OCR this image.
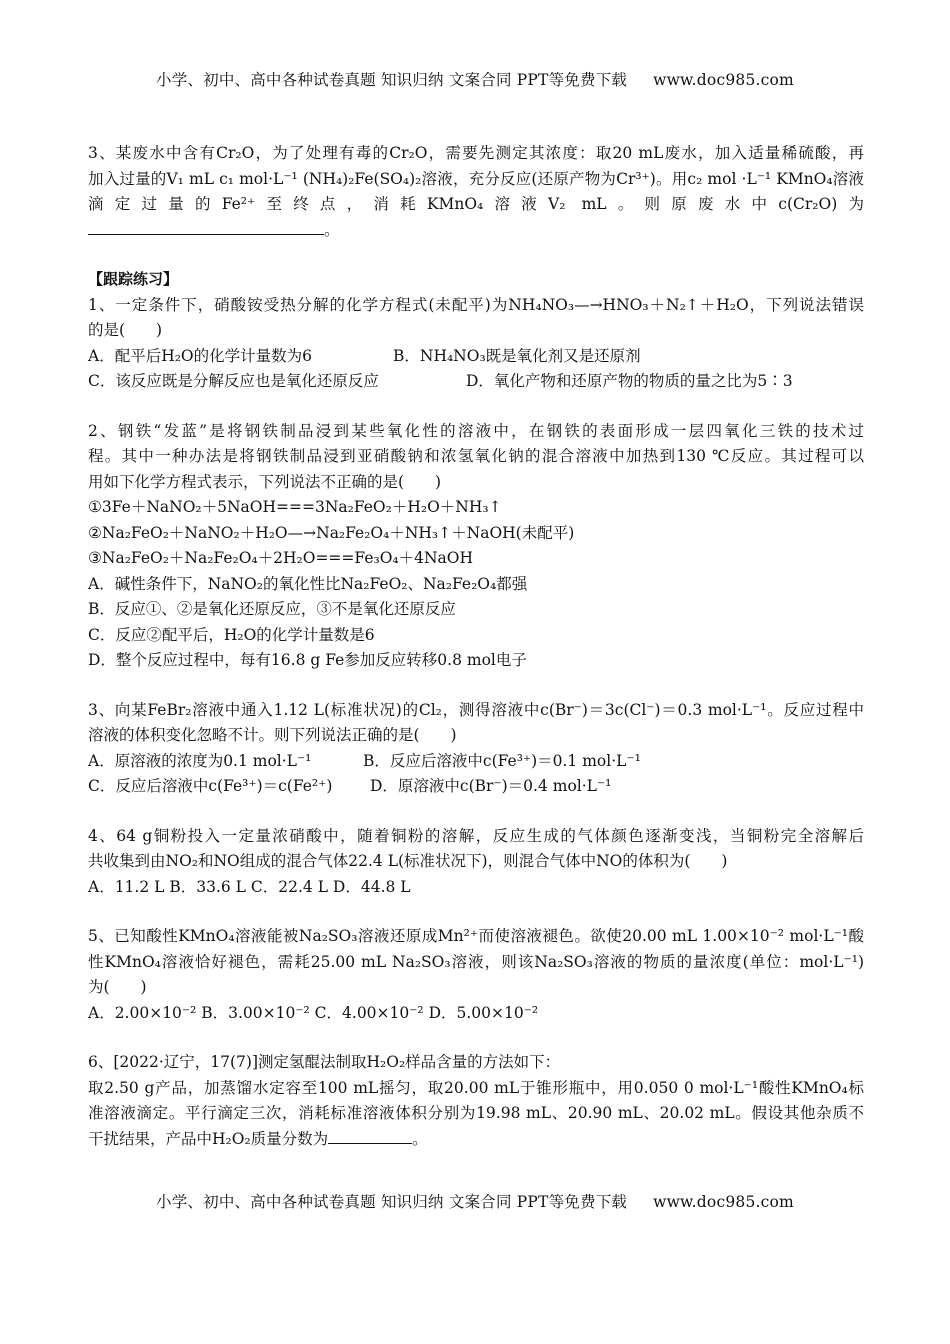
小学、初中、高中各种试卷真题 知识归纳 文案合同 PPT等免费下载 www.doc985.com

3、某废水中含有Cr₂O，为了处理有毒的Cr₂O，需要先测定其浓度：取20 mL废水，加入适量稀硫酸，再

加入过量的V₁ mL c₁ mol·L⁻¹ (NH₄)₂Fe(SO₄)₂溶液，充分反应(还原产物为Cr³⁺)。用c₂ mol ·L⁻¹ KMnO₄溶液

滴定过量的Fe²⁺至终点，消耗KMnO₄溶液V₂ mL。则原废水中c(Cr₂O)为

。

【跟踪练习】

1、一定条件下，硝酸铵受热分解的化学方程式(未配平)为NH₄NO₃—→HNO₃＋N₂↑＋H₂O，下列说法错误

的是(　　)

A．配平后H₂O的化学计量数为6	B．NH₄NO₃既是氧化剂又是还原剂

C．该反应既是分解反应也是氧化还原反应	D．氧化产物和还原产物的物质的量之比为5∶3

2、钢铁“发蓝”是将钢铁制品浸到某些氧化性的溶液中，在钢铁的表面形成一层四氧化三铁的技术过

程。其中一种办法是将钢铁制品浸到亚硝酸钠和浓氢氧化钠的混合溶液中加热到130 ℃反应。其过程可以

用如下化学方程式表示，下列说法不正确的是(　　)

①3Fe＋NaNO₂＋5NaOH===3Na₂FeO₂＋H₂O＋NH₃↑

②Na₂FeO₂＋NaNO₂＋H₂O—→Na₂Fe₂O₄＋NH₃↑＋NaOH(未配平)

③Na₂FeO₂＋Na₂Fe₂O₄＋2H₂O===Fe₃O₄＋4NaOH

A．碱性条件下，NaNO₂的氧化性比Na₂FeO₂、Na₂Fe₂O₄都强

B．反应①、②是氧化还原反应，③不是氧化还原反应

C．反应②配平后，H₂O的化学计量数是6

D．整个反应过程中，每有16.8 g Fe参加反应转移0.8 mol电子

3、向某FeBr₂溶液中通入1.12 L(标准状况)的Cl₂，测得溶液中c(Br⁻)＝3c(Cl⁻)＝0.3 mol·L⁻¹。反应过程中

溶液的体积变化忽略不计。则下列说法正确的是(　　)

A．原溶液的浓度为0.1 mol·L⁻¹	B．反应后溶液中c(Fe³⁺)＝0.1 mol·L⁻¹

C．反应后溶液中c(Fe³⁺)＝c(Fe²⁺)	D．原溶液中c(Br⁻)＝0.4 mol·L⁻¹

4、64 g铜粉投入一定量浓硝酸中，随着铜粉的溶解，反应生成的气体颜色逐渐变浅，当铜粉完全溶解后

共收集到由NO₂和NO组成的混合气体22.4 L(标准状况下)，则混合气体中NO的体积为(　　)

A．11.2 L B．33.6 L C．22.4 L D．44.8 L

5、已知酸性KMnO₄溶液能被Na₂SO₃溶液还原成Mn²⁺而使溶液褪色。欲使20.00 mL 1.00×10⁻² mol·L⁻¹酸

性KMnO₄溶液恰好褪色，需耗25.00 mL Na₂SO₃溶液，则该Na₂SO₃溶液的物质的量浓度(单位：mol·L⁻¹)

为(　　)

A．2.00×10⁻² B．3.00×10⁻² C．4.00×10⁻² D．5.00×10⁻²

6、[2022·辽宁，17(7)]测定氢醌法制取H₂O₂样品含量的方法如下：

取2.50 g产品，加蒸馏水定容至100 mL摇匀，取20.00 mL于锥形瓶中，用0.050 0 mol·L⁻¹酸性KMnO₄标

准溶液滴定。平行滴定三次，消耗标准溶液体积分别为19.98 mL、20.90 mL、20.02 mL。假设其他杂质不

干扰结果，产品中H₂O₂质量分数为	。

小学、初中、高中各种试卷真题 知识归纳 文案合同 PPT等免费下载 www.doc985.com
